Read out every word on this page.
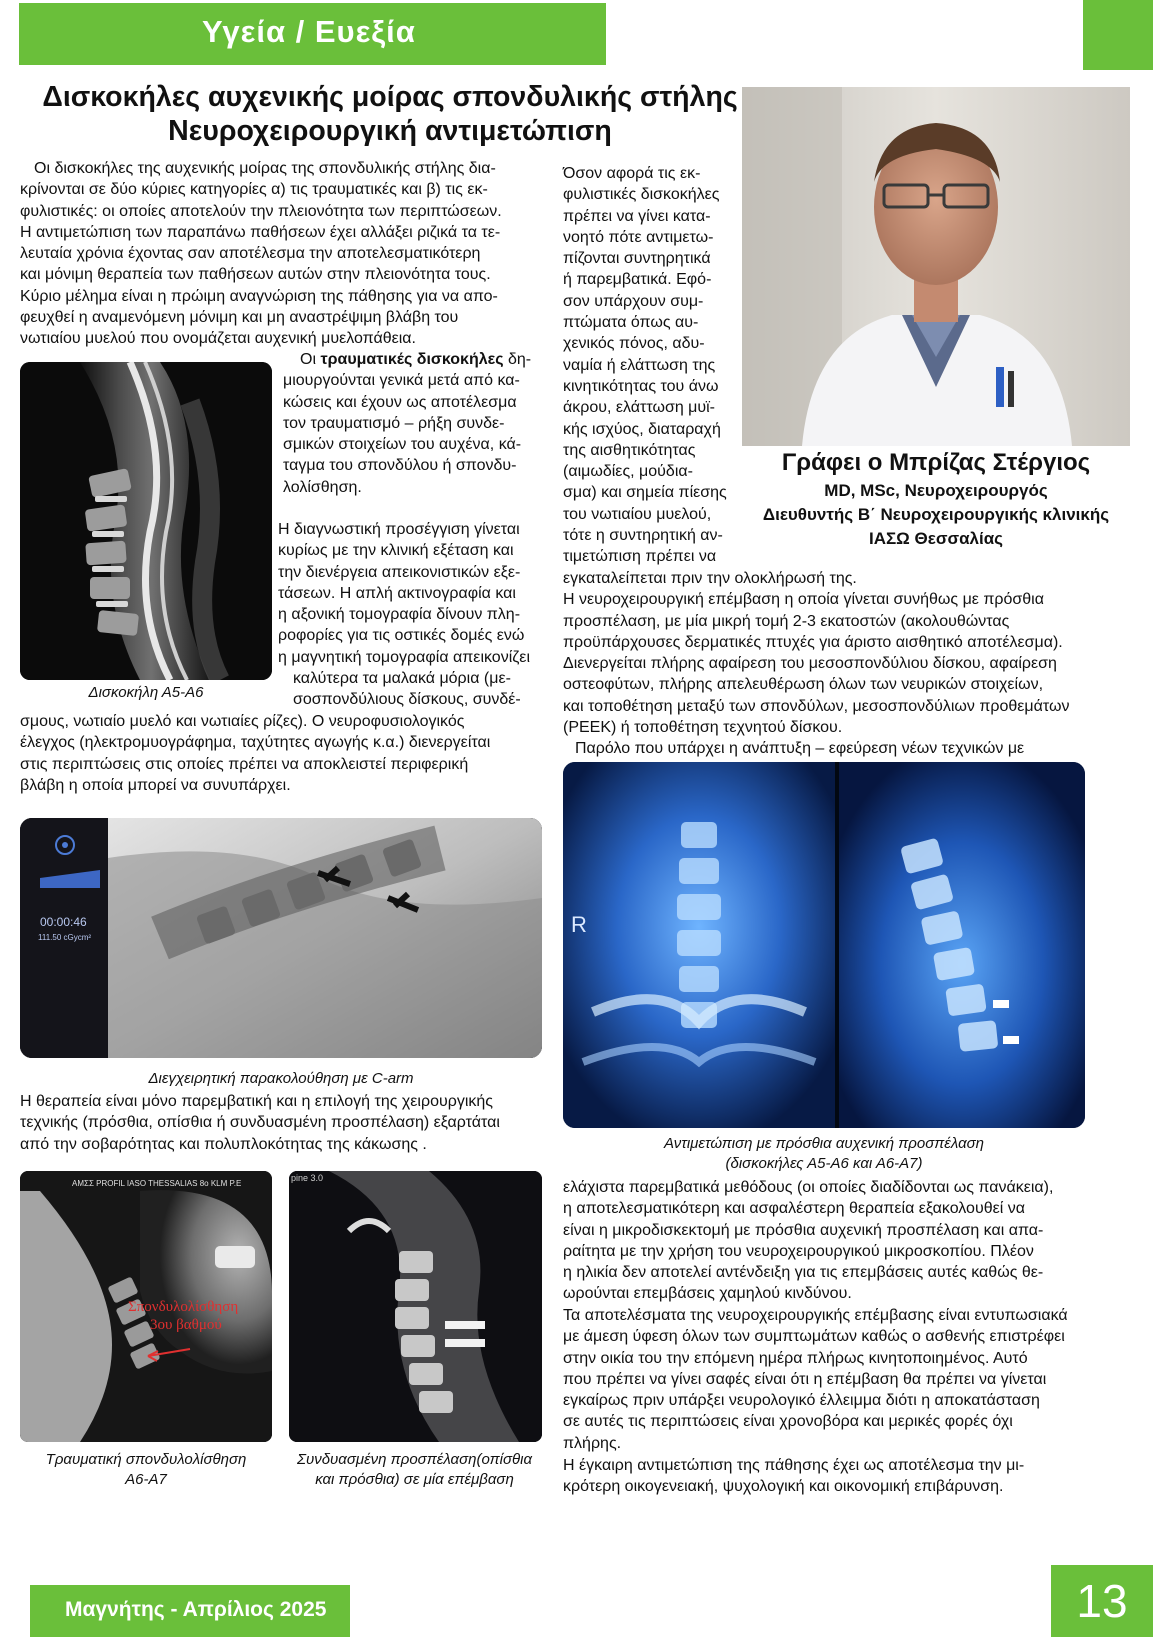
Υγεία / Ευεξία
Δισκοκήλες αυχενικής μοίρας σπονδυλικής στήλης
Νευροχειρουργική αντιμετώπιση

Οι δισκοκήλες της αυχενικής μοίρας της σπονδυλικής στήλης δια-

κρίνονται σε δύο κύριες κατηγορίες α) τις τραυματικές και β) τις εκ-

φυλιστικές: οι οποίες αποτελούν την πλειονότητα των περιπτώσεων.

Η αντιμετώπιση των παραπάνω παθήσεων έχει αλλάξει ριζικά τα τε-

λευταία χρόνια έχοντας σαν αποτέλεσμα την αποτελεσματικότερη

και μόνιμη θεραπεία των παθήσεων αυτών στην πλειονότητα τους.

Κύριο μέλημα είναι η πρώιμη αναγνώριση της πάθησης για να απο-

φευχθεί η αναμενόμενη μόνιμη και μη αναστρέψιμη βλάβη του

νωτιαίου μυελού που ονομάζεται αυχενική μυελοπάθεια.

Δισκοκήλη Α5-Α6

Οι τραυματικές δισκοκήλες δη-

μιουργούνται γενικά μετά από κα-

κώσεις και έχουν ως αποτέλεσμα

τον τραυματισμό – ρήξη συνδε-

σμικών στοιχείων του αυχένα, κά-

ταγμα του σπονδύλου ή σπονδυ-

λολίσθηση.

Η διαγνωστική προσέγγιση γίνεται

κυρίως με την κλινική εξέταση και

την διενέργεια απεικονιστικών εξε-

τάσεων. Η απλή ακτινογραφία και

η αξονική τομογραφία δίνουν πλη-

ροφορίες για τις οστικές δομές ενώ

η μαγνητική τομογραφία απεικονίζει

καλύτερα τα μαλακά μόρια (με-

σοσπονδύλιους δίσκους, συνδέ-

σμους, νωτιαίο μυελό και νωτιαίες ρίζες). Ο νευροφυσιολογικός

έλεγχος (ηλεκτρομυογράφημα, ταχύτητες αγωγής κ.α.) διενεργείται

στις περιπτώσεις στις οποίες πρέπει να αποκλειστεί περιφερική

βλάβη η οποία μπορεί να συνυπάρχει.

00:00:46
111.50 cGycm²
Διεγχειρητική παρακολούθηση με C-arm

Η θεραπεία είναι μόνο παρεμβατική και η επιλογή της χειρουργικής

τεχνικής (πρόσθια, οπίσθια ή συνδυασμένη προσπέλαση) εξαρτάται

από την σοβαρότητας και πολυπλοκότητας της κάκωσης .

ΑΜΣΣ PROFIL IASO THESSALIAS 8o KLM P.E
Σπονδυλολίσθηση
3ου βαθμού
Τραυματική σπονδυλολίσθηση
Α6-Α7
pine 3.0
Συνδυασμένη προσπέλαση(οπίσθια
και πρόσθια) σε μία επέμβαση

Όσον αφορά τις εκ-

φυλιστικές δισκοκήλες

πρέπει να γίνει κατα-

νοητό πότε αντιμετω-

πίζονται συντηρητικά

ή παρεμβατικά. Εφό-

σον υπάρχουν συμ-

πτώματα όπως αυ-

χενικός πόνος, αδυ-

ναμία ή ελάττωση της

κινητικότητας του άνω

άκρου, ελάττωση μυϊ-

κής ισχύος, διαταραχή

της αισθητικότητας

(αιμωδίες, μούδια-

σμα) και σημεία πίεσης

του νωτιαίου μυελού,

τότε η συντηρητική αν-

τιμετώπιση πρέπει να

Γράφει ο Μπρίζας Στέργιος
MD, MSc, Νευροχειρουργός
Διευθυντής Β΄ Νευροχειρουργικής κλινικής
ΙΑΣΩ Θεσσαλίας

εγκαταλείπεται πριν την ολοκλήρωσή της.

Η νευροχειρουργική επέμβαση η οποία γίνεται συνήθως με πρόσθια

προσπέλαση, με μία μικρή τομή 2-3 εκατοστών (ακολουθώντας

προϋπάρχουσες δερματικές πτυχές για άριστο αισθητικό αποτέλεσμα).

Διενεργείται πλήρης αφαίρεση του μεσοσπονδύλιου δίσκου, αφαίρεση

οστεοφύτων, πλήρης απελευθέρωση όλων των νευρικών στοιχείων,

και τοποθέτηση μεταξύ των σπονδύλων, μεσοσπονδύλιων προθεμάτων

(PEEK) ή τοποθέτηση τεχνητού δίσκου.

Παρόλο που υπάρχει η ανάπτυξη – εφεύρεση νέων τεχνικών με

R
Αντιμετώπιση με πρόσθια αυχενική προσπέλαση
(δισκοκήλες Α5-Α6 και Α6-Α7)

ελάχιστα παρεμβατικά μεθόδους (οι οποίες διαδίδονται ως πανάκεια),

η αποτελεσματικότερη και ασφαλέστερη θεραπεία εξακολουθεί να

είναι η μικροδισκεκτομή με πρόσθια αυχενική προσπέλαση και απα-

ραίτητα με την χρήση του νευροχειρουργικού μικροσκοπίου. Πλέον

η ηλικία δεν αποτελεί αντένδειξη για τις επεμβάσεις αυτές καθώς θε-

ωρούνται επεμβάσεις χαμηλού κινδύνου.

Τα αποτελέσματα της νευροχειρουργικής επέμβασης είναι εντυπωσιακά

με άμεση ύφεση όλων των συμπτωμάτων καθώς ο ασθενής επιστρέφει

στην οικία του την επόμενη ημέρα πλήρως κινητοποιημένος. Αυτό

που πρέπει να γίνει σαφές είναι ότι η επέμβαση θα πρέπει να γίνεται

εγκαίρως πριν υπάρξει νευρολογικό έλλειμμα διότι η αποκατάσταση

σε αυτές τις περιπτώσεις είναι χρονοβόρα και μερικές φορές όχι

πλήρης.

Η έγκαιρη αντιμετώπιση της πάθησης έχει ως αποτέλεσμα την μι-

κρότερη οικογενειακή, ψυχολογική και οικονομική επιβάρυνση.

Μαγνήτης - Απρίλιος 2025	13
